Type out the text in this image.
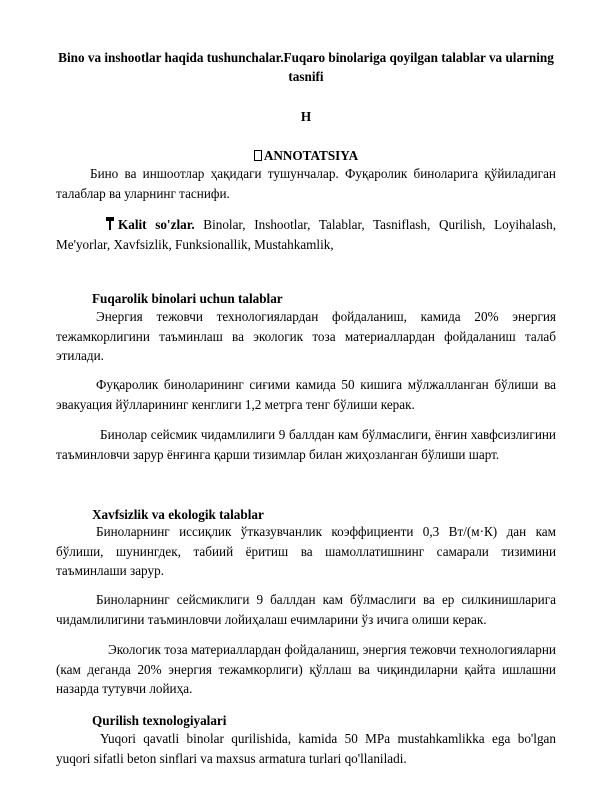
Bino va inshootlar haqida tushunchalar.Fuqaro binolariga qoyilgan talablar va ularning tasnifi
H
ANNOTATSIYA
Бино ва иншоотлар ҳақидаги тушунчалар. Фуқаролик биноларига қўйиладиган талаблар ва уларнинг таснифи.
Kalit so'zlar. Binolar, Inshootlar, Talablar, Tasniflash, Qurilish, Loyihalash, Me'yorlar, Xavfsizlik, Funksionallik, Mustahkamlik,
Fuqarolik binolari uchun talablar
Энергия тежовчи технологиялардан фойдаланиш, камида 20% энергия тежамкорлигини таъминлаш ва экологик тоза материаллардан фойдаланиш талаб этилади.
Фуқаролик биноларининг сиғими камида 50 кишига мўлжалланган бўлиши ва эвакуация йўлларининг кенглиги 1,2 метрга тенг бўлиши керак.
Бинолар сейсмик чидамлилиги 9 баллдан кам бўлмаслиги, ёнғин хавфсизлигини таъминловчи зарур ёнғинга қарши тизимлар билан жиҳозланган бўлиши шарт.
Xavfsizlik va ekologik talablar
Биноларнинг иссиқлик ўтказувчанлик коэффициенти 0,3 Вт/(м·К) дан кам бўлиши, шунингдек, табиий ёритиш ва шамоллатишнинг самарали тизимини таъминлаши зарур.
Биноларнинг сейсмиклиги 9 баллдан кам бўлмаслиги ва ер силкинишларига чидамлилигини таъминловчи лойиҳалаш ечимларини ўз ичига олиши керак.
Экологик тоза материаллардан фойдаланиш, энергия тежовчи технологияларни (кам деганда 20% энергия тежамкорлиги) қўллаш ва чиқиндиларни қайта ишлашни назарда тутувчи лойиҳа.
Qurilish texnologiyalari
Yuqori qavatli binolar qurilishida, kamida 50 MPa mustahkamlikka ega bo'lgan yuqori sifatli beton sinflari va maxsus armatura turlari qo'llaniladi.
